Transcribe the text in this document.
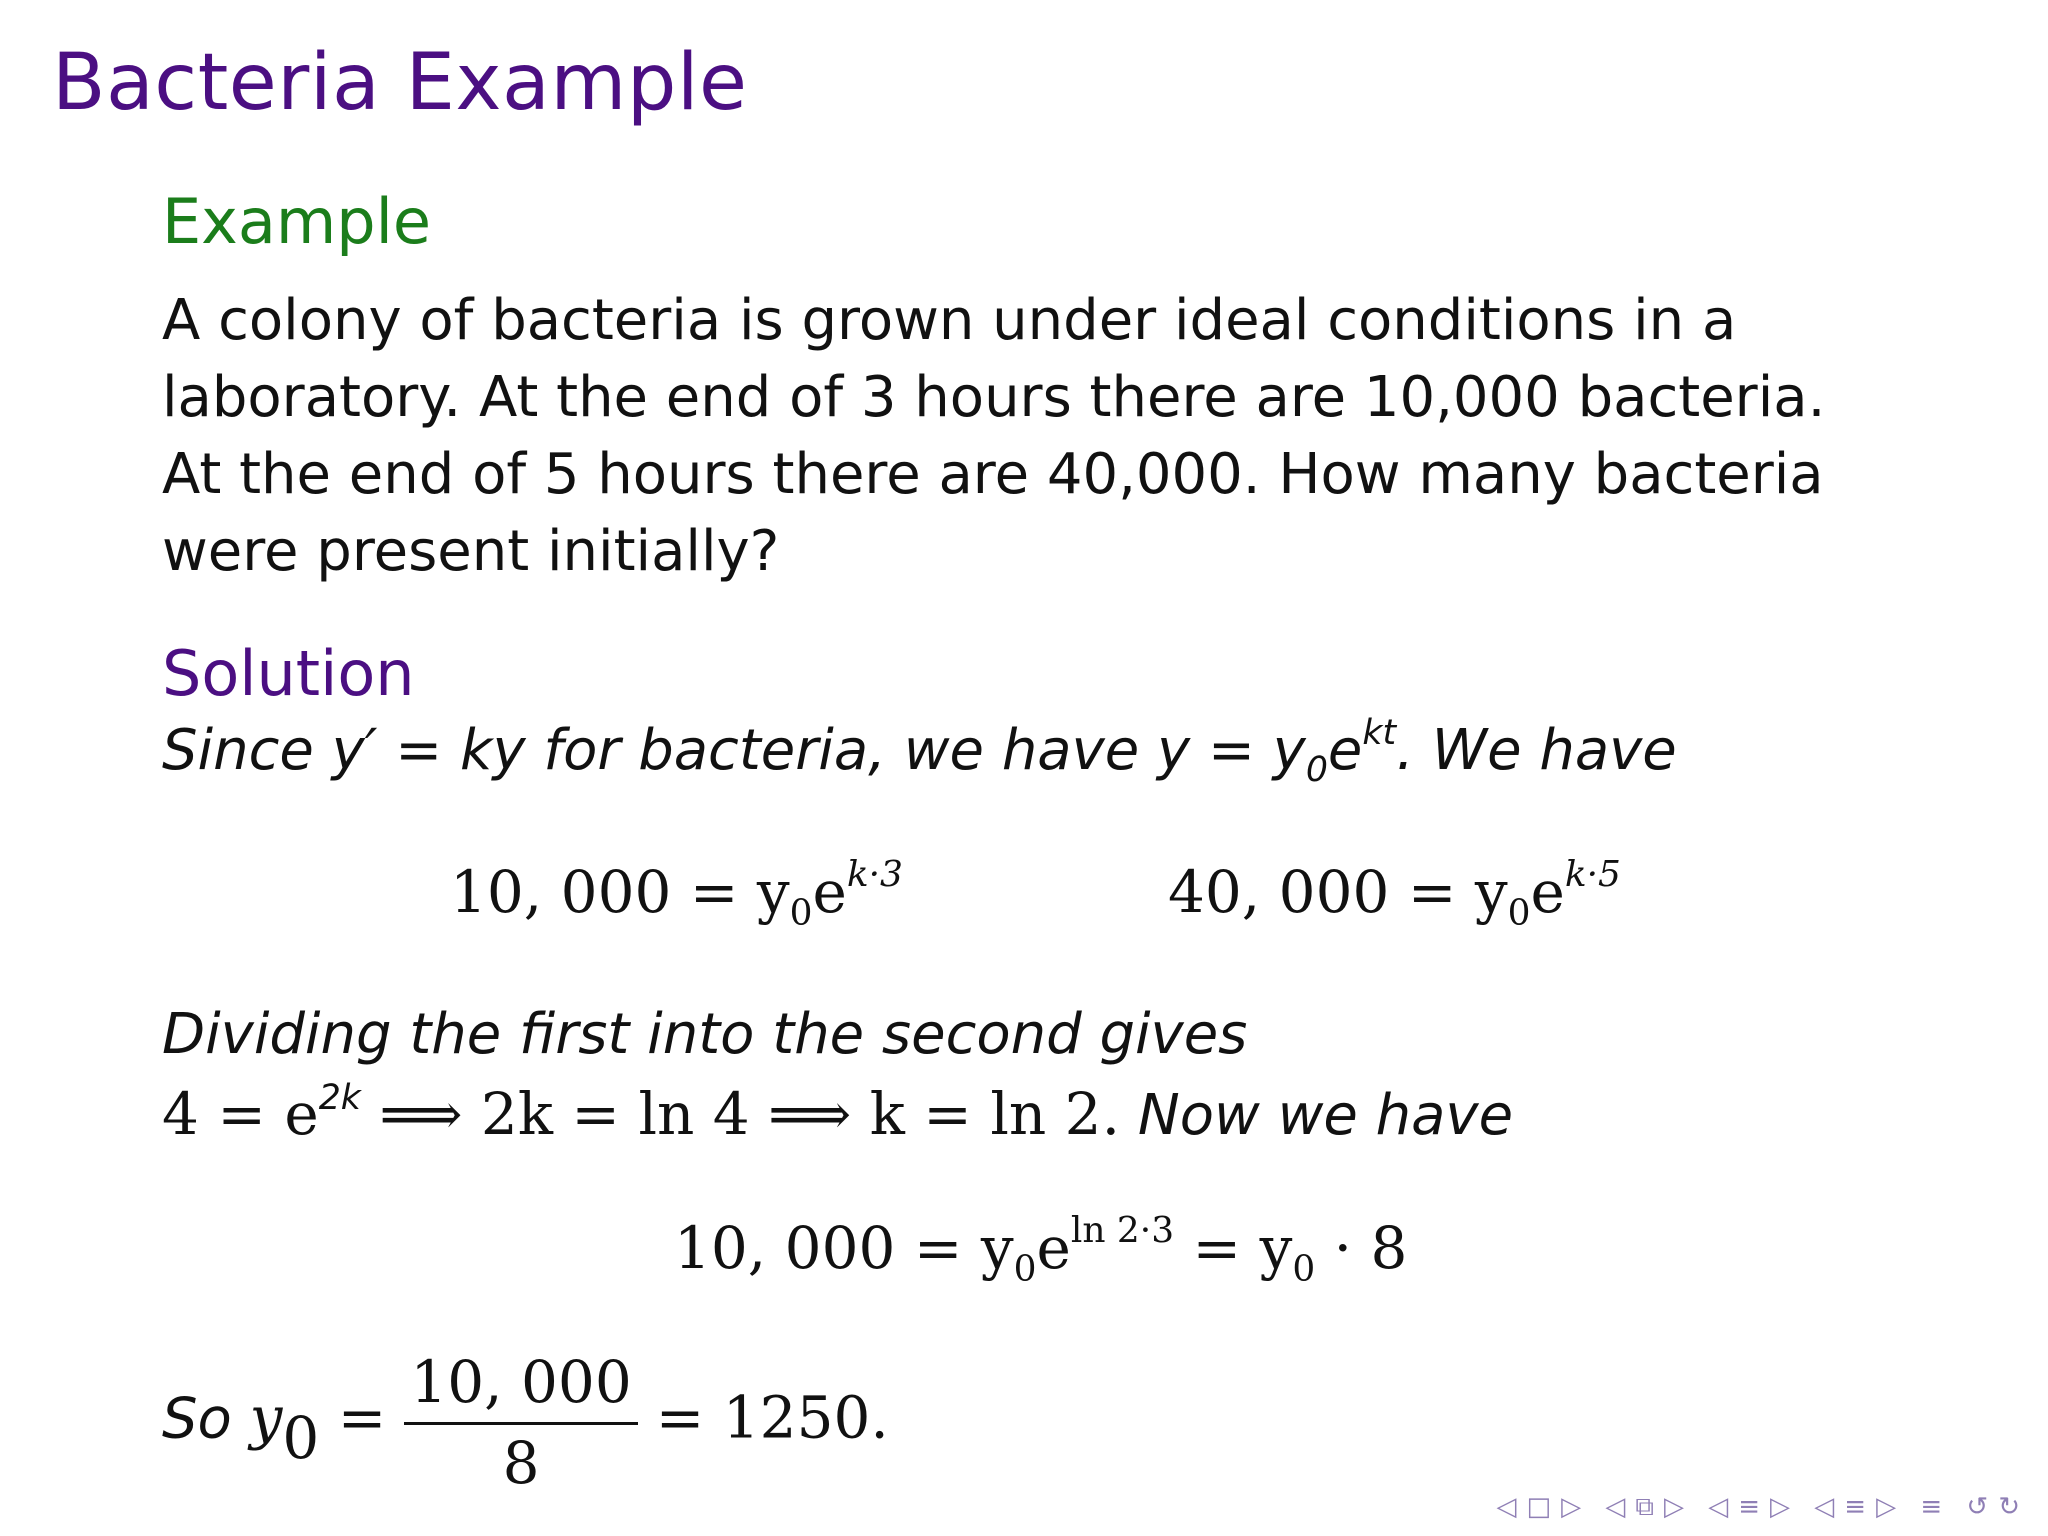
Bacteria Example
Example
A colony of bacteria is grown under ideal conditions in a laboratory. At the end of 3 hours there are 10,000 bacteria. At the end of 5 hours there are 40,000. How many bacteria were present initially?
Solution
Since y′ = ky for bacteria, we have $y = y_0e^{kt}$. We have
10, $000 = y_0e^{k\cdot 3}$	40, $000 = y_0e^{k\cdot 5}$
Dividing the first into the second gives
$4 = e^{2k}$ ⟹ 2k = ln 4 ⟹ k = ln 2. Now we have
10, $000 = y_0e^{ln 2\cdot 3} = y_0 \cdot 8$
So $y_0 = \frac{10, 000}{8} = 1250$.
◁ □ ▷ ◁ ⧉ ▷ ◁ ≡ ▷ ◁ ≡ ▷ ≡ ↺ ↻
